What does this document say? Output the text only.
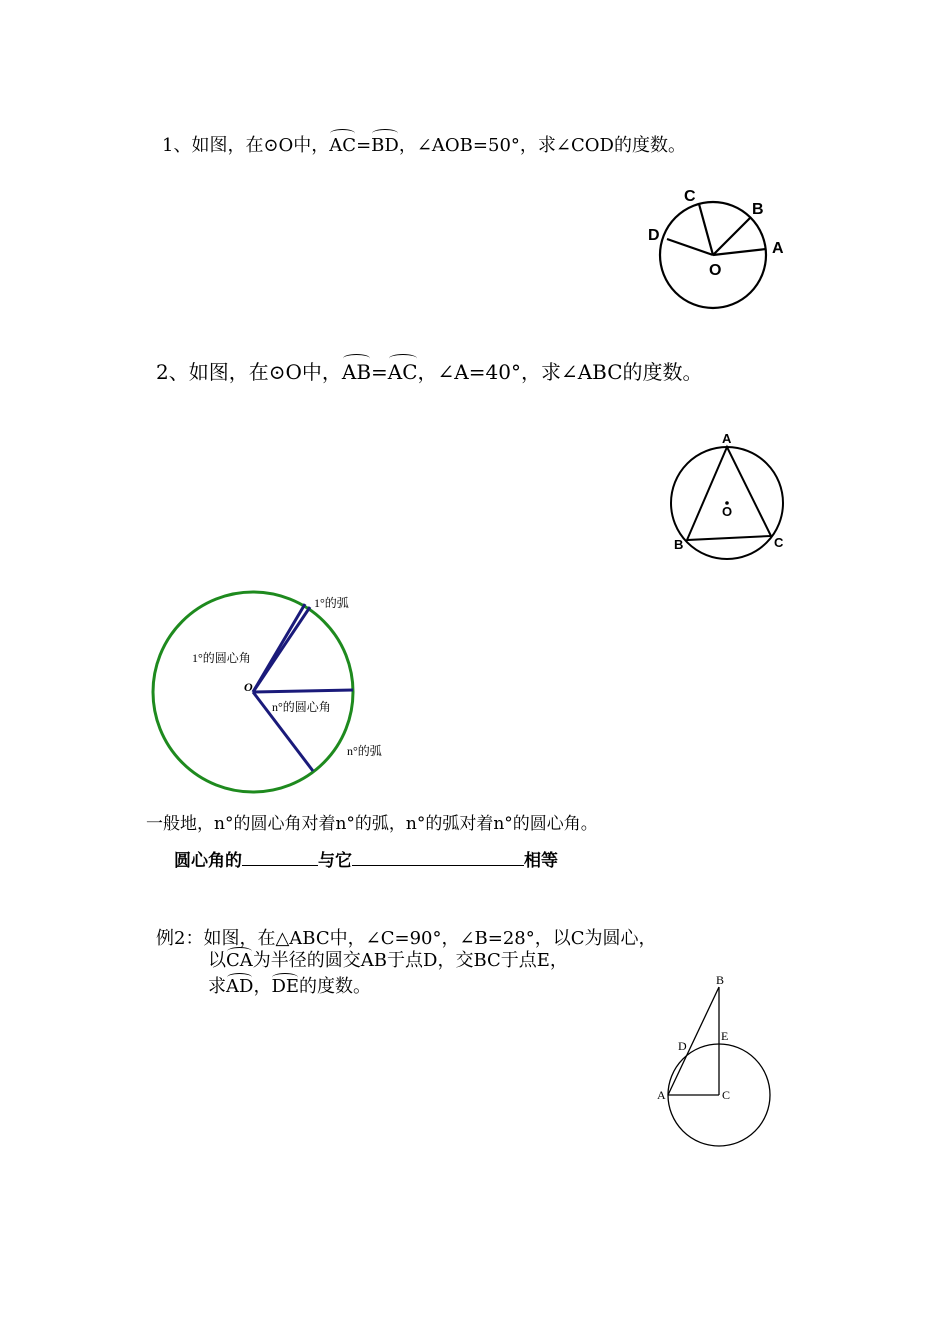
1、如图，在⊙O中，AC=BD，∠AOB=50°，求∠COD的度数。
C
B
D
A
O
2、如图，在⊙O中，AB=AC，∠A=40°，求∠ABC的度数。
A
O
B	C
1°的弧
1°的圆心角
O
n°的圆心角
n°的弧
一般地，n°的圆心角对着n°的弧，n°的弧对着n°的圆心角。
圆心角的	与它	相等
例2：如图，在△ABC中，∠C=90°，∠B=28°，以C为圆心，
以CA为半径的圆交AB于点D，交BC于点E，
求AD，DE的度数。	B
E
D
A	C
